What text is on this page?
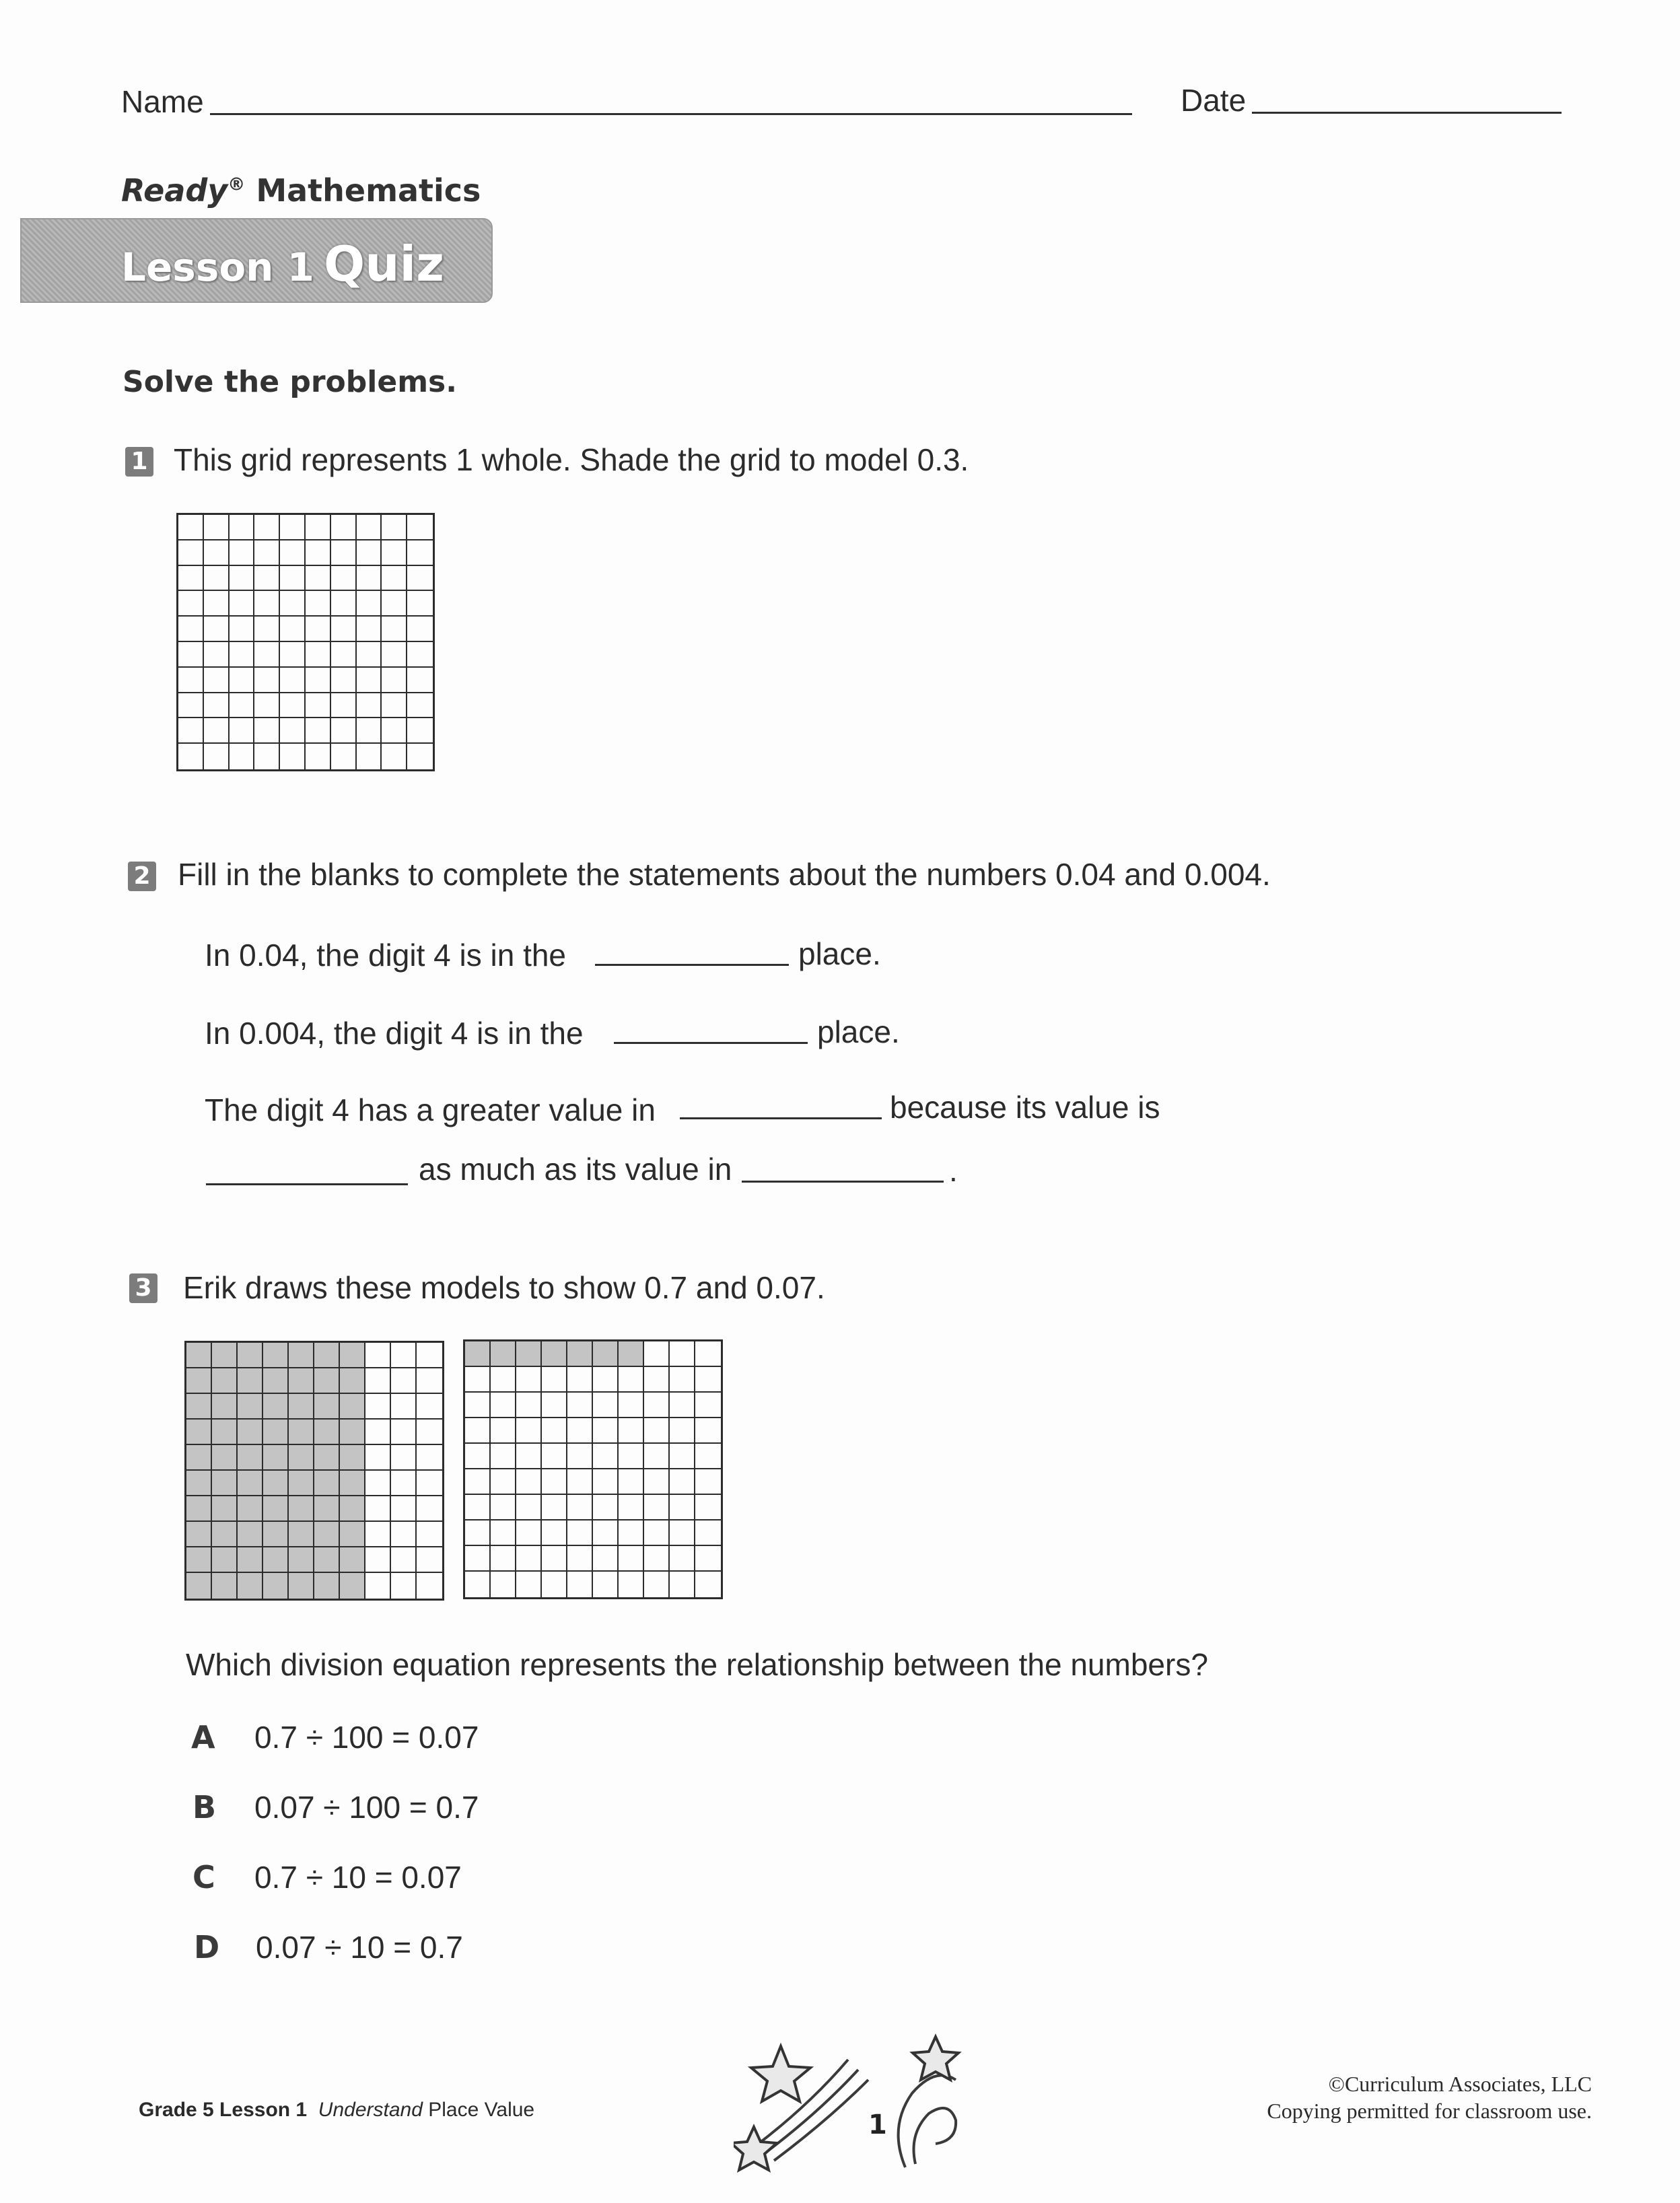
Name	Date
Ready® Mathematics
Lesson 1 Quiz
Solve the problems.
1 This grid represents 1 whole. Shade the grid to model 0.3.
2 Fill in the blanks to complete the statements about the numbers 0.04 and 0.004.
In 0.04, the digit 4 is in the	place.
In 0.004, the digit 4 is in the	place.
The digit 4 has a greater value in	because its value is
as much as its value in	.
3 Erik draws these models to show 0.7 and 0.07.
Which division equation represents the relationship between the numbers?
A 0.7 ÷ 100 = 0.07
B 0.07 ÷ 100 = 0.7
C 0.7 ÷ 10 = 0.07
D 0.07 ÷ 10 = 0.7
Grade 5 Lesson 1 Understand Place Value	1
©Curriculum Associates, LLC
Copying permitted for classroom use.
